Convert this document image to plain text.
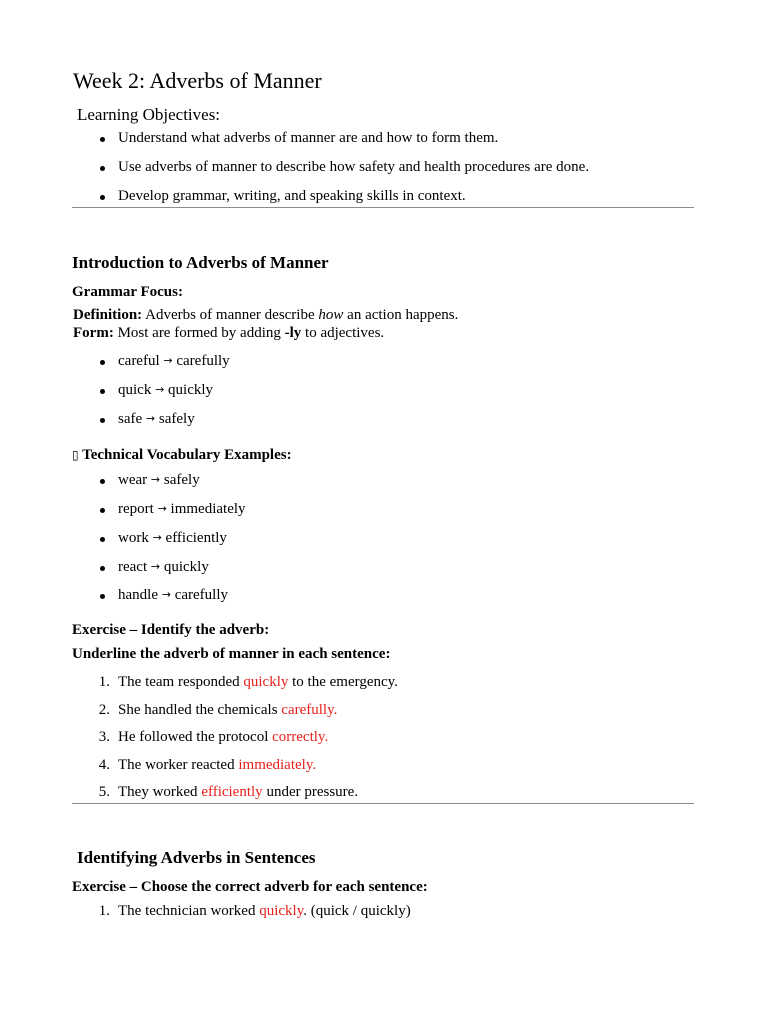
Week 2: Adverbs of Manner
Learning Objectives:
Understand what adverbs of manner are and how to form them.
Use adverbs of manner to describe how safety and health procedures are done.
Develop grammar, writing, and speaking skills in context.
Introduction to Adverbs of Manner
Grammar Focus:
Definition: Adverbs of manner describe how an action happens.
Form: Most are formed by adding -ly to adjectives.
careful → carefully
quick → quickly
safe → safely
▯ Technical Vocabulary Examples:
wear → safely
report → immediately
work → efficiently
react → quickly
handle → carefully
Exercise – Identify the adverb:
Underline the adverb of manner in each sentence:
1. The team responded quickly to the emergency.
2. She handled the chemicals carefully.
3. He followed the protocol correctly.
4. The worker reacted immediately.
5. They worked efficiently under pressure.
Identifying Adverbs in Sentences
Exercise – Choose the correct adverb for each sentence:
1. The technician worked quickly. (quick / quickly)
